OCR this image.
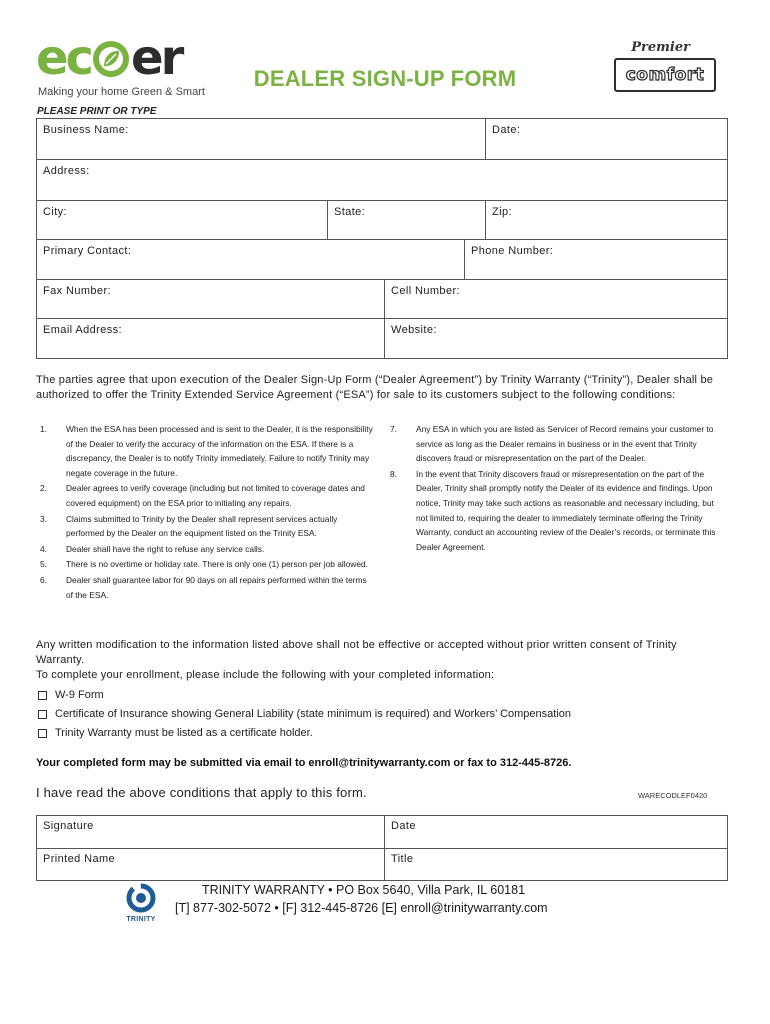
ec er
Making your home Green & Smart
DEALER SIGN-UP FORM
Premier
comfort
PLEASE PRINT OR TYPE
Business Name:	Date:
Address:
City:	State:	Zip:
Primary Contact:	Phone Number:
Fax Number:	Cell Number:
Email Address:	Website:
The parties agree that upon execution of the Dealer Sign-Up Form (“Dealer Agreement”) by Trinity Warranty (“Trinity”), Dealer shall be authorized to offer the Trinity Extended Service Agreement (“ESA”) for sale to its customers subject to the following conditions:
1. When the ESA has been processed and is sent to the Dealer, it is the responsibility of the Dealer to verify the accuracy of the information on the ESA. If there is a discrepancy, the Dealer is to notify Trinity immediately. Failure to notify Trinity may negate coverage in the future.
2. Dealer agrees to verify coverage (including but not limited to coverage dates and covered equipment) on the ESA prior to initiating any repairs.
3. Claims submitted to Trinity by the Dealer shall represent services actually performed by the Dealer on the equipment listed on the Trinity ESA.
4. Dealer shall have the right to refuse any service calls.
5. There is no overtime or holiday rate. There is only one (1) person per job allowed.
6. Dealer shall guarantee labor for 90 days on all repairs performed within the terms of the ESA.
7. Any ESA in which you are listed as Servicer of Record remains your customer to service as long as the Dealer remains in business or in the event that Trinity discovers fraud or misrepresentation on the part of the Dealer.
8. In the event that Trinity discovers fraud or misrepresentation on the part of the Dealer, Trinity shall promptly notify the Dealer of its evidence and findings. Upon notice, Trinity may take such actions as reasonable and necessary including, but not limited to, requiring the dealer to immediately terminate offering the Trinity Warranty, conduct an accounting review of the Dealer’s records, or terminate this Dealer Agreement.
Any written modification to the information listed above shall not be effective or accepted without prior written consent of Trinity Warranty.
To complete your enrollment, please include the following with your completed information:
W-9 Form
Certificate of Insurance showing General Liability (state minimum is required) and Workers’ Compensation
Trinity Warranty must be listed as a certificate holder.
Your completed form may be submitted via email to enroll@trinitywarranty.com or fax to 312-445-8726.
I have read the above conditions that apply to this form.	WARECODLEF0420
Signature	Date
Printed Name	Title
TRINITY
TRINITY WARRANTY • PO Box 5640, Villa Park, IL 60181
[T] 877-302-5072 • [F] 312-445-8726 [E] enroll@trinitywarranty.com
